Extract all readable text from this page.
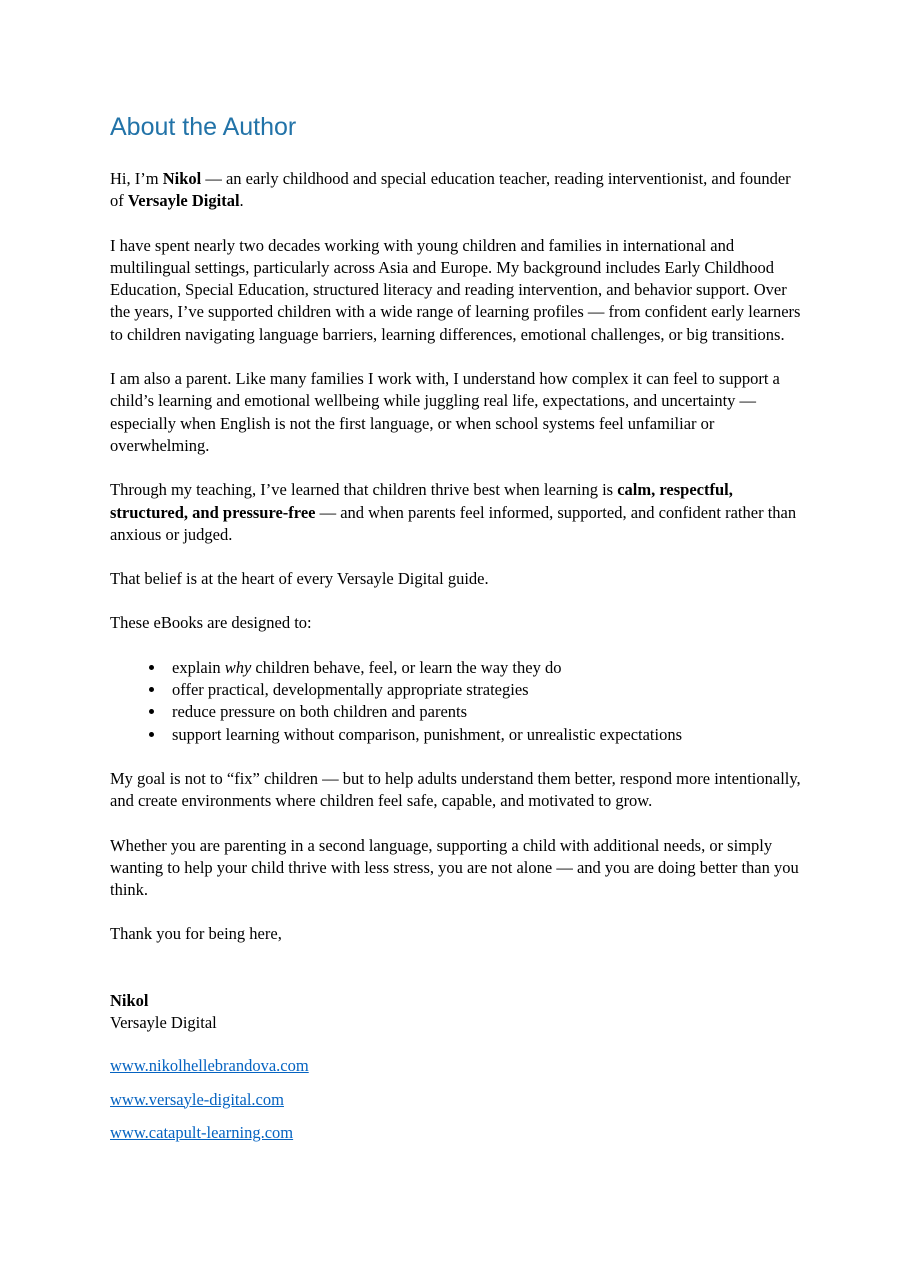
About the Author

Hi, I’m Nikol — an early childhood and special education teacher, reading interventionist, and founder of Versayle Digital.

I have spent nearly two decades working with young children and families in international and multilingual settings, particularly across Asia and Europe. My background includes Early Childhood Education, Special Education, structured literacy and reading intervention, and behavior support. Over the years, I’ve supported children with a wide range of learning profiles — from confident early learners to children navigating language barriers, learning differences, emotional challenges, or big transitions.

I am also a parent. Like many families I work with, I understand how complex it can feel to support a child’s learning and emotional wellbeing while juggling real life, expectations, and uncertainty — especially when English is not the first language, or when school systems feel unfamiliar or overwhelming.

Through my teaching, I’ve learned that children thrive best when learning is calm, respectful, structured, and pressure-free — and when parents feel informed, supported, and confident rather than anxious or judged.

That belief is at the heart of every Versayle Digital guide.

These eBooks are designed to:

• explain why children behave, feel, or learn the way they do
• offer practical, developmentally appropriate strategies
• reduce pressure on both children and parents
• support learning without comparison, punishment, or unrealistic expectations

My goal is not to “fix” children — but to help adults understand them better, respond more intentionally, and create environments where children feel safe, capable, and motivated to grow.

Whether you are parenting in a second language, supporting a child with additional needs, or simply wanting to help your child thrive with less stress, you are not alone — and you are doing better than you think.

Thank you for being here,

Nikol
Versayle Digital
www.nikolhellebrandova.com
www.versayle-digital.com
www.catapult-learning.com
